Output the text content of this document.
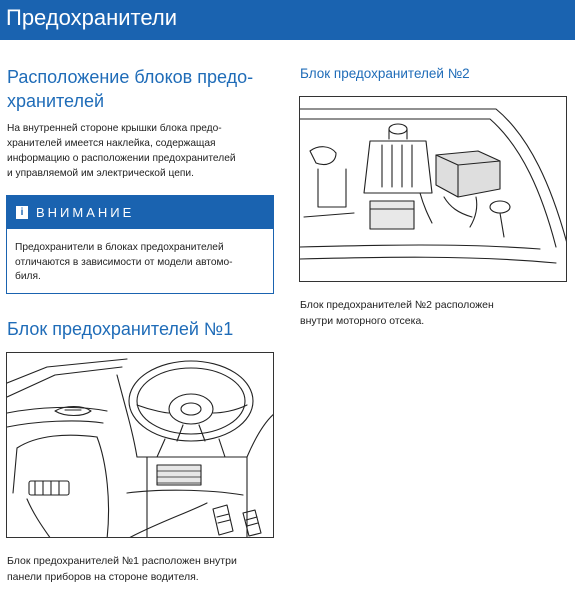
Предохранители
Расположение блоков предо-
хранителей
На внутренней стороне крышки блока предо-
хранителей имеется наклейка, содержащая
информацию о расположении предохранителей
и управляемой им электрической цепи.
i ВНИМАНИЕ
Предохранители в блоках предохранителей
отличаются в зависимости от модели автомо-
биля.
Блок предохранителей №1
Блок предохранителей №1 расположен внутри
панели приборов на стороне водителя.
Блок предохранителей №2
Блок предохранителей №2 расположен
внутри моторного отсека.
